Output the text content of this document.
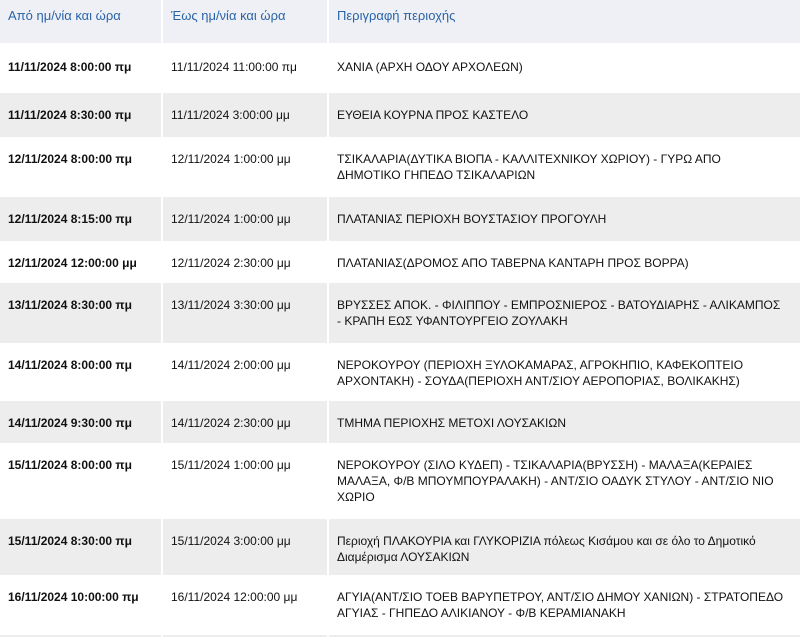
Από ημ/νία και ώρα	Έως ημ/νία και ώρα	Περιγραφή περιοχής

11/11/2024 8:00:00 πμ	11/11/2024 11:00:00 πμ	ΧΑΝΙΑ (ΑΡΧΗ ΟΔΟΥ ΑΡΧΟΛΕΩΝ)
11/11/2024 8:30:00 πμ	11/11/2024 3:00:00 μμ	ΕΥΘΕΙΑ ΚΟΥΡΝΑ ΠΡΟΣ ΚΑΣΤΕΛΟ
12/11/2024 8:00:00 πμ	12/11/2024 1:00:00 μμ	ΤΣΙΚΑΛΑΡΙΑ(ΔΥΤΙΚΑ ΒΙΟΠΑ - ΚΑΛΛΙΤΕΧΝΙΚΟΥ ΧΩΡΙΟΥ) - ΓΥΡΩ ΑΠΟ ΔΗΜΟΤΙΚΟ ΓΗΠΕΔΟ ΤΣΙΚΑΛΑΡΙΩΝ
12/11/2024 8:15:00 πμ	12/11/2024 1:00:00 μμ	ΠΛΑΤΑΝΙΑΣ ΠΕΡΙΟΧΗ ΒΟΥΣΤΑΣΙΟΥ ΠΡΟΓΟΥΛΗ
12/11/2024 12:00:00 μμ	12/11/2024 2:30:00 μμ	ΠΛΑΤΑΝΙΑΣ(ΔΡΟΜΟΣ ΑΠΟ ΤΑΒΕΡΝΑ ΚΑΝΤΑΡΗ ΠΡΟΣ ΒΟΡΡΑ)
13/11/2024 8:30:00 πμ	13/11/2024 3:30:00 μμ	ΒΡΥΣΣΕΣ ΑΠΟΚ. - ΦΙΛΙΠΠΟΥ - ΕΜΠΡΟΣΝΙΕΡΟΣ - ΒΑΤΟΥΔΙΑΡΗΣ - ΑΛΙΚΑΜΠΟΣ - ΚΡΑΠΗ ΕΩΣ ΥΦΑΝΤΟΥΡΓΕΙΟ ΖΟΥΛΑΚΗ
14/11/2024 8:00:00 πμ	14/11/2024 2:00:00 μμ	ΝΕΡΟΚΟΥΡΟΥ (ΠΕΡΙΟΧΗ ΞΥΛΟΚΑΜΑΡΑΣ, ΑΓΡΟΚΗΠΙΟ, ΚΑΦΕΚΟΠΤΕΙΟ ΑΡΧΟΝΤΑΚΗ) - ΣΟΥΔΑ(ΠΕΡΙΟΧΗ ΑΝΤ/ΣΙΟΥ ΑΕΡΟΠΟΡΙΑΣ, ΒΟΛΙΚΑΚΗΣ)
14/11/2024 9:30:00 πμ	14/11/2024 2:30:00 μμ	ΤΜΗΜΑ ΠΕΡΙΟΧΗΣ ΜΕΤΟΧΙ ΛΟΥΣΑΚΙΩΝ
15/11/2024 8:00:00 πμ	15/11/2024 1:00:00 μμ	ΝΕΡΟΚΟΥΡΟΥ (ΣΙΛΟ ΚΥΔΕΠ) - ΤΣΙΚΑΛΑΡΙΑ(ΒΡΥΣΣΗ) - ΜΑΛΑΞΑ(ΚΕΡΑΙΕΣ ΜΑΛΑΞΑ, Φ/Β ΜΠΟΥΜΠΟΥΡΑΛΑΚΗ) - ΑΝΤ/ΣΙΟ ΟΑΔΥΚ ΣΤΥΛΟΥ - ΑΝΤ/ΣΙΟ ΝΙΟ ΧΩΡΙΟ
15/11/2024 8:30:00 πμ	15/11/2024 3:00:00 μμ	Περιοχή ΠΛΑΚΟΥΡΙΑ και ΓΛΥΚΟΡΙΖΙΑ πόλεως Κισάμου και σε όλο το Δημοτικό Διαμέρισμα ΛΟΥΣΑΚΙΩΝ
16/11/2024 10:00:00 πμ	16/11/2024 12:00:00 μμ	ΑΓΥΙΑ(ΑΝΤ/ΣΙΟ ΤΟΕΒ ΒΑΡΥΠΕΤΡΟΥ, ΑΝΤ/ΣΙΟ ΔΗΜΟΥ ΧΑΝΙΩΝ) - ΣΤΡΑΤΟΠΕΔΟ ΑΓΥΙΑΣ - ΓΗΠΕΔΟ ΑΛΙΚΙΑΝΟΥ - Φ/Β ΚΕΡΑΜΙΑΝΑΚΗ
